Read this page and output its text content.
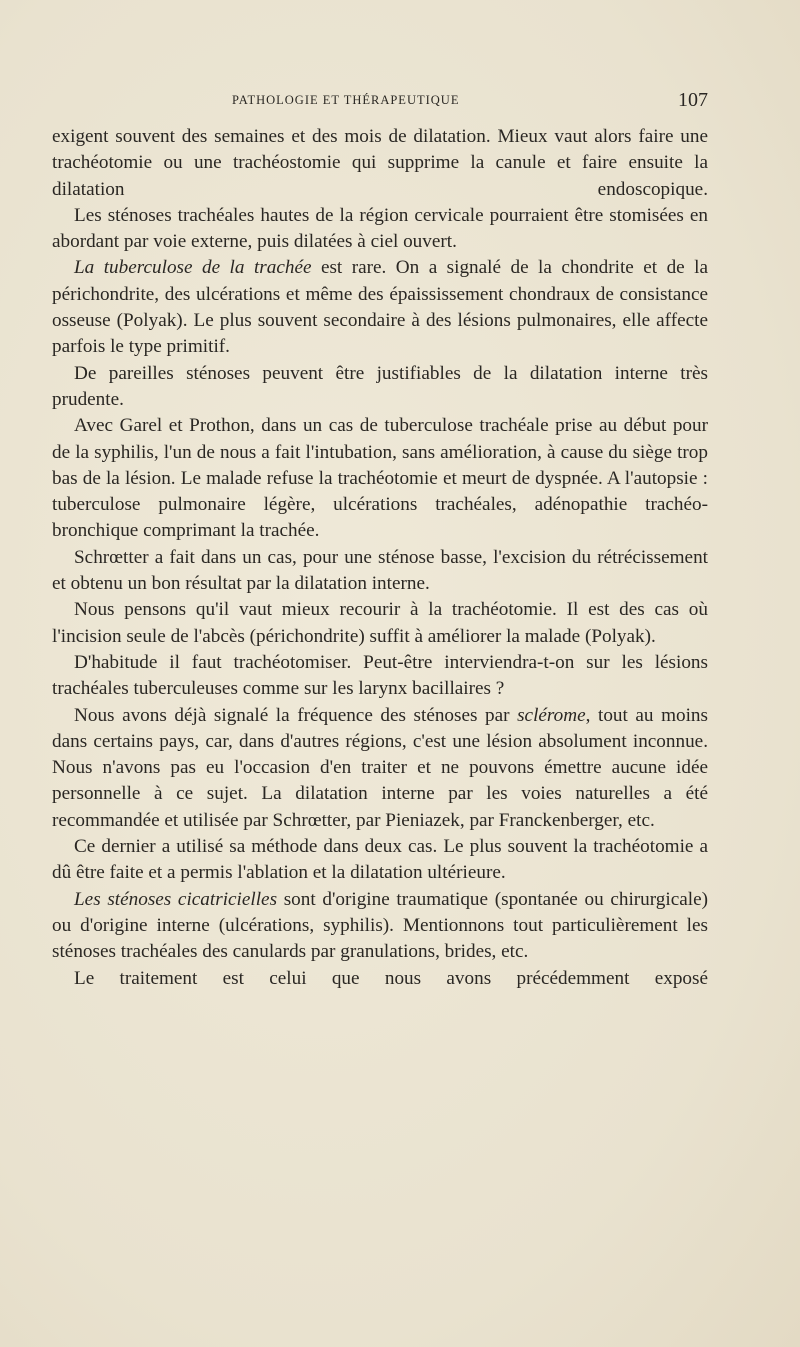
PATHOLOGIE ET THÉRAPEUTIQUE	107

exigent souvent des semaines et des mois de dilatation. Mieux vaut alors faire une trachéotomie ou une trachéostomie qui supprime la canule et faire ensuite la dilatation endoscopique.

Les sténoses trachéales hautes de la région cervicale pourraient être stomisées en abordant par voie externe, puis dilatées à ciel ouvert.

La tuberculose de la trachée est rare. On a signalé de la chondrite et de la périchondrite, des ulcérations et même des épaississement chondraux de consistance osseuse (Polyak). Le plus souvent secondaire à des lésions pulmonaires, elle affecte parfois le type primitif.

De pareilles sténoses peuvent être justifiables de la dilatation interne très prudente.

Avec Garel et Prothon, dans un cas de tuberculose trachéale prise au début pour de la syphilis, l'un de nous a fait l'intubation, sans amélioration, à cause du siège trop bas de la lésion. Le malade refuse la trachéotomie et meurt de dyspnée. A l'autopsie : tuberculose pulmonaire légère, ulcérations trachéales, adénopathie trachéo-bronchique comprimant la trachée.

Schrœtter a fait dans un cas, pour une sténose basse, l'excision du rétrécissement et obtenu un bon résultat par la dilatation interne.

Nous pensons qu'il vaut mieux recourir à la trachéotomie. Il est des cas où l'incision seule de l'abcès (périchondrite) suffit à améliorer la malade (Polyak).

D'habitude il faut trachéotomiser. Peut-être interviendra-t-on sur les lésions trachéales tuberculeuses comme sur les larynx bacillaires ?

Nous avons déjà signalé la fréquence des sténoses par sclérome, tout au moins dans certains pays, car, dans d'autres régions, c'est une lésion absolument inconnue. Nous n'avons pas eu l'occasion d'en traiter et ne pouvons émettre aucune idée personnelle à ce sujet. La dilatation interne par les voies naturelles a été recommandée et utilisée par Schrœtter, par Pieniazek, par Franckenberger, etc.

Ce dernier a utilisé sa méthode dans deux cas. Le plus souvent la trachéotomie a dû être faite et a permis l'ablation et la dilatation ultérieure.

Les sténoses cicatricielles sont d'origine traumatique (spontanée ou chirurgicale) ou d'origine interne (ulcérations, syphilis). Mentionnons tout particulièrement les sténoses trachéales des canulards par granulations, brides, etc.

Le traitement est celui que nous avons précédemment exposé
